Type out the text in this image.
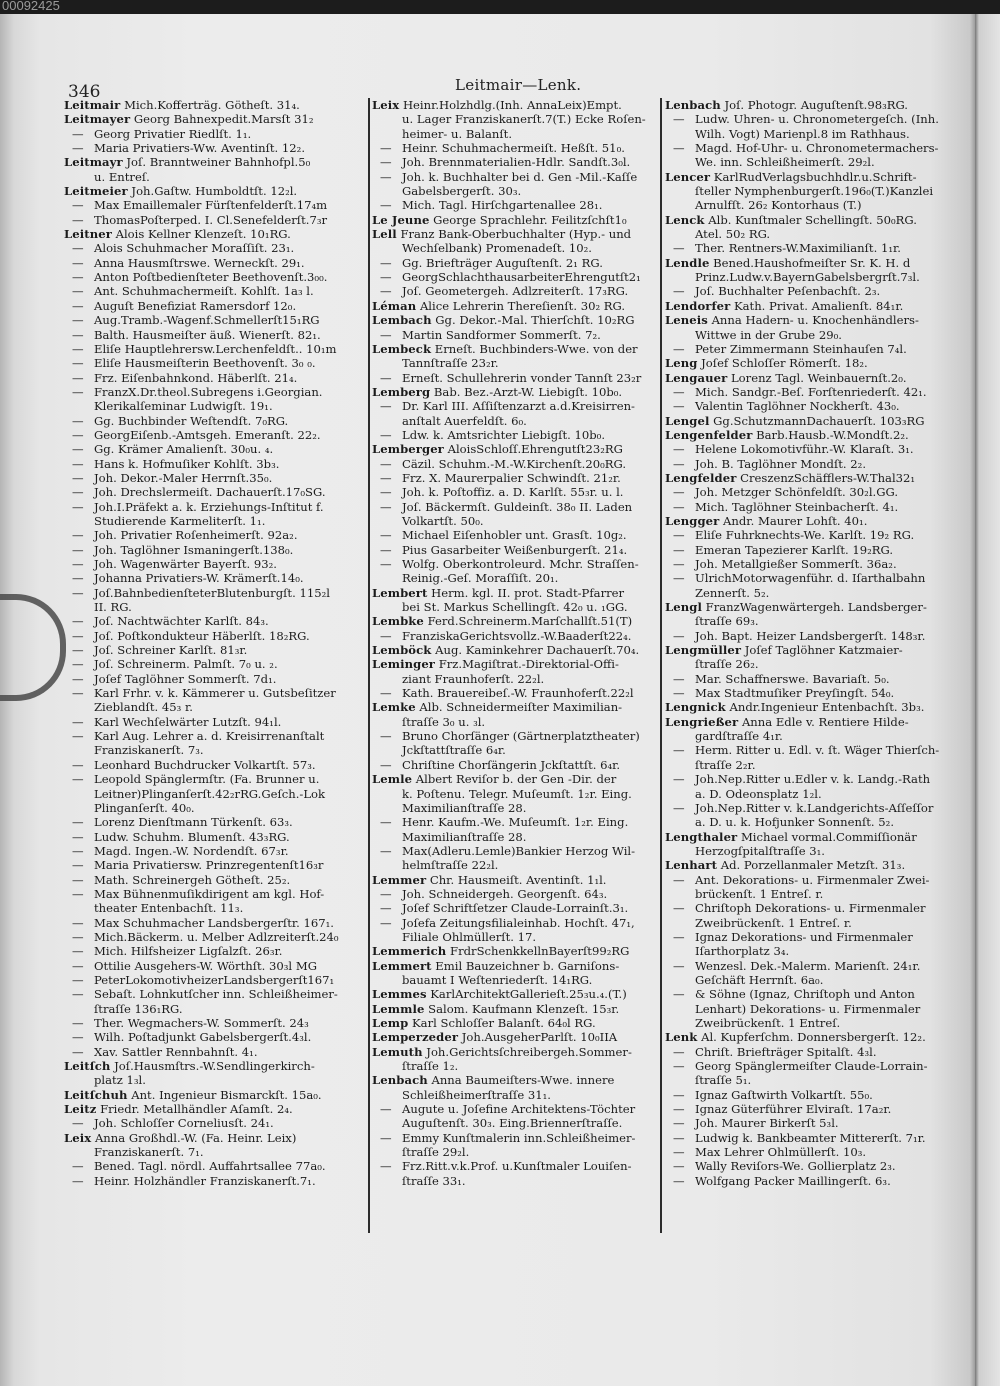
00092425
346	Leitmair—Lenk.
Leitmair Mich.Kofferträg. Götheſt. 31₄.
Leitmayer Georg Bahnexpedit.Marsſt 31₂
— Georg Privatier Riedlſt. 1₁.
— Maria Privatiers-Ww. Aventinſt. 12₂.
Leitmayr Joſ. Branntweiner Bahnhofpl.5₀
u. Entreſ.
Leitmeier Joh.Gaſtw. Humboldtſt. 12₂l.
— Max Emaillemaler Fürſtenfelderſt.17₄m
— ThomasPoſterped. I. Cl.Senefelderſt.7₃r
Leitner Alois Kellner Klenzeſt. 10₁RG.
— Alois Schuhmacher Moraſſiſt. 23₁.
— Anna Hausmſtrswe. Werneckſt. 29₁.
— Anton Poſtbedienſteter Beethovenſt.3₀₀.
— Ant. Schuhmachermeiſt. Kohlſt. 1a₃ l.
— Auguſt Benefiziat Ramersdorf 12₀.
— Aug.Tramb.-Wagenf.Schmellerſt15₁RG
— Balth. Hausmeiſter äuß. Wienerſt. 82₁.
— Eliſe Hauptlehrersw.Lerchenfeldſt.. 10₁m
— Eliſe Hausmeiſterin Beethovenſt. 3₀ ₀.
— Frz. Eiſenbahnkond. Häberlſt. 21₄.
— FranzX.Dr.theol.Subregens i.Georgian.
Klerikalſeminar Ludwigſt. 19₁.
— Gg. Buchbinder Weſtendſt. 7₀RG.
— GeorgEiſenb.-Amtsgeh. Emeranſt. 22₂.
— Gg. Krämer Amalienſt. 30₀u. ₄.
— Hans k. Hofmuſiker Kohlſt. 3b₃.
— Joh. Dekor.-Maler Herrnſt.35₀.
— Joh. Drechslermeiſt. Dachauerſt.17₀SG.
— Joh.I.Präfekt a. k. Erziehungs-Inſtitut f.
Studierende Karmeliterſt. 1₁.
— Joh. Privatier Roſenheimerſt. 92a₂.
— Joh. Taglöhner Ismaningerſt.138₀.
— Joh. Wagenwärter Bayerſt. 93₂.
— Johanna Privatiers-W. Krämerſt.14₀.
— Joſ.BahnbedienſteterBlutenburgſt. 115₂l
II. RG.
— Joſ. Nachtwächter Karlſt. 84₃.
— Joſ. Poſtkondukteur Häberlſt. 18₂RG.
— Joſ. Schreiner Karlſt. 81₃r.
— Joſ. Schreinerm. Palmſt. 7₀ u. ₂.
— Joſef Taglöhner Sommerſt. 7d₁.
— Karl Frhr. v. k. Kämmerer u. Gutsbeſitzer
Zieblandſt. 45₃ r.
— Karl Wechſelwärter Lutzſt. 94₁l.
— Karl Aug. Lehrer a. d. Kreisirrenanſtalt
Franziskanerſt. 7₃.
— Leonhard Buchdrucker Volkartſt. 57₃.
— Leopold Spänglermſtr. (Fa. Brunner u.
Leitner)Plinganſerſt.42₂rRG.Geſch.-Lok
Plinganſerſt. 40₀.
— Lorenz Dienſtmann Türkenſt. 63₃.
— Ludw. Schuhm. Blumenſt. 43₃RG.
— Magd. Ingen.-W. Nordendſt. 67₃r.
— Maria Privatiersw. Prinzregentenſt16₃r
— Math. Schreinergeh Götheſt. 25₂.
— Max Bühnenmuſikdirigent am kgl. Hof-
theater Entenbachſt. 11₃.
— Max Schuhmacher Landsbergerſtr. 167₁.
— Mich.Bäckerm. u. Melber Adlzreiterſt.24₀
— Mich. Hilfsheizer Ligſalzſt. 26₃r.
— Ottilie Ausgehers-W. Wörthſt. 30₃l MG
— PeterLokomotivheizerLandsbergerſt167₁
— Sebaſt. Lohnkutſcher inn. Schleißheimer-
ſtraſſe 136₁RG.
— Ther. Wegmachers-W. Sommerſt. 24₃
— Wilh. Poſtadjunkt Gabelsbergerſt.4₃l.
— Xav. Sattler Rennbahnſt. 4₁.
Leitſch Joſ.Hausmſtrs.-W.Sendlingerkirch-
platz 1₃l.
Leitſchuh Ant. Ingenieur Bismarckſt. 15a₀.
Leitz Friedr. Metallhändler Aſamſt. 2₄.
— Joh. Schloſſer Corneliusſt. 24₁.
Leix Anna Großhdl.-W. (Fa. Heinr. Leix)
Franziskanerſt. 7₁.
— Bened. Tagl. nördl. Auffahrtsallee 77a₀.
— Heinr. Holzhändler Franziskanerſt.7₁.
Leix Heinr.Holzhdlg.(Inh. AnnaLeix)Empt.
u. Lager Franziskanerſt.7(T.) Ecke Roſen-
heimer- u. Balanſt.
— Heinr. Schuhmachermeiſt. Heßſt. 51₀.
— Joh. Brennmaterialien-Hdlr. Sandſt.3₀l.
— Joh. k. Buchhalter bei d. Gen -Mil.-Kaſſe
Gabelsbergerſt. 30₃.
— Mich. Tagl. Hirſchgartenallee 28₁.
Le Jeune George Sprachlehr. Feilitzſchſt1₀
Lell Franz Bank-Oberbuchhalter (Hyp.- und
Wechſelbank) Promenadeſt. 10₂.
— Gg. Briefträger Auguſtenſt. 2₁ RG.
— GeorgSchlachthausarbeiterEhrengutſt2₁
— Joſ. Geometergeh. Adlzreiterſt. 17₃RG.
Léman Alice Lehrerin Thereſienſt. 30₂ RG.
Lembach Gg. Dekor.-Mal. Thierſchſt. 10₂RG
— Martin Sandformer Sommerſt. 7₂.
Lembeck Erneſt. Buchbinders-Wwe. von der
Tannſtraſſe 23₂r.
— Erneſt. Schullehrerin vonder Tannſt 23₂r
Lemberg Bab. Bez.-Arzt-W. Liebigſt. 10b₀.
— Dr. Karl III. Aſſiſtenzarzt a.d.Kreisirren-
anſtalt Auerfeldſt. 6₀.
— Ldw. k. Amtsrichter Liebigſt. 10b₀.
Lemberger AloisSchloſſ.Ehrengutſt23₂RG
— Cäzil. Schuhm.-M.-W.Kirchenſt.20₀RG.
— Frz. X. Maurerpalier Schwindſt. 21₂r.
— Joh. k. Poſtoffiz. a. D. Karlſt. 55₃r. u. l.
— Joſ. Bäckermſt. Guldeinſt. 38₀ II. Laden
Volkartſt. 50₀.
— Michael Eiſenhobler unt. Grasſt. 10g₂.
— Pius Gasarbeiter Weißenburgerſt. 21₄.
— Wolfg. Oberkontroleurd. Mchr. Straſſen-
Reinig.-Geſ. Moraſſiſt. 20₁.
Lembert Herm. kgl. II. prot. Stadt-Pfarrer
bei St. Markus Schellingſt. 42₀ u. ₁GG.
Lembke Ferd.Schreinerm.Marſchallſt.51(T)
— FranziskaGerichtsvollz.-W.Baaderſt22₄.
Lemböck Aug. Kaminkehrer Dachauerſt.70₄.
Leminger Frz.Magiſtrat.-Direktorial-Offi-
ziant Fraunhoferſt. 22₂l.
— Kath. Brauereibeſ.-W. Fraunhoferſt.22₂l
Lemke Alb. Schneidermeiſter Maximilian-
ſtraſſe 3₀ u. ₃l.
— Bruno Chorſänger (Gärtnerplatztheater)
Jckſtattſtraſſe 6₄r.
— Chriſtine Chorſängerin Jckſtattſt. 6₄r.
Lemle Albert Reviſor b. der Gen -Dir. der
k. Poſtenu. Telegr. Muſeumſt. 1₂r. Eing.
Maximilianſtraſſe 28.
— Henr. Kaufm.-We. Muſeumſt. 1₂r. Eing.
Maximilianſtraſſe 28.
— Max(Adleru.Lemle)Bankier Herzog Wil-
helmſtraſſe 22₂l.
Lemmer Chr. Hausmeiſt. Aventinſt. 1₁l.
— Joh. Schneidergeh. Georgenſt. 64₃.
— Joſef Schriftſetzer Claude-Lorrainſt.3₁.
— Joſefa Zeitungsfilialeinhab. Hochſt. 47₁,
Filiale Ohlmüllerſt. 17.
Lemmerich FrdrSchenkkellnBayerſt99₂RG
Lemmert Emil Bauzeichner b. Garniſons-
bauamt I Weſtenriederſt. 14₁RG.
Lemmes KarlArchitektGallerieſt.25₃u.₄.(T.)
Lemmle Salom. Kaufmann Klenzeſt. 15₃r.
Lemp Karl Schloſſer Balanſt. 64₀l RG.
Lemperzeder Joh.AusgeherParlſt. 10₀IIA
Lemuth Joh.Gerichtsſchreibergeh.Sommer-
ſtraſſe 1₂.
Lenbach Anna Baumeiſters-Wwe. innere
Schleißheimerſtraſſe 31₁.
— Augute u. Joſefine Architektens-Töchter
Auguſtenſt. 30₃. Eing.Briennerſtraſſe.
— Emmy Kunſtmalerin inn.Schleißheimer-
ſtraſſe 29₂l.
— Frz.Ritt.v.k.Prof. u.Kunſtmaler Louiſen-
ſtraſſe 33₁.
Lenbach Joſ. Photogr. Auguſtenſt.98₃RG.
— Ludw. Uhren- u. Chronometergeſch. (Inh.
Wilh. Vogt) Marienpl.8 im Rathhaus.
— Magd. Hof-Uhr- u. Chronometermachers-
We. inn. Schleißheimerſt. 29₂l.
Lencer KarlRudVerlagsbuchhdlr.u.Schrift-
ſteller Nymphenburgerſt.196₀(T.)Kanzlei
Arnulfſt. 26₂ Kontorhaus (T.)
Lenck Alb. Kunſtmaler Schellingſt. 50₀RG.
Atel. 50₂ RG.
— Ther. Rentners-W.Maximilianſt. 1₁r.
Lendle Bened.Haushofmeiſter Sr. K. H. d
Prinz.Ludw.v.BayernGabelsbergrſt.7₃l.
— Joſ. Buchhalter Peſenbachſt. 2₃.
Lendorfer Kath. Privat. Amalienſt. 84₁r.
Leneis Anna Hadern- u. Knochenhändlers-
Wittwe in der Grube 29₀.
— Peter Zimmermann Steinhauſen 7₄l.
Leng Joſef Schloſſer Römerſt. 18₂.
Lengauer Lorenz Tagl. Weinbauernſt.2₀.
— Mich. Sandgr.-Beſ. Forſtenriederſt. 42₁.
— Valentin Taglöhner Nockherſt. 43₀.
Lengel Gg.SchutzmannDachauerſt. 103₃RG
Lengenfelder Barb.Hausb.-W.Mondſt.2₂.
— Helene Lokomotivführ.-W. Klaraſt. 3₁.
— Joh. B. Taglöhner Mondſt. 2₂.
Lengfelder CreszenzSchäfflers-W.Thal32₁
— Joh. Metzger Schönfeldſt. 30₂l.GG.
— Mich. Taglöhner Steinbacherſt. 4₁.
Lengger Andr. Maurer Lohſt. 40₁.
— Eliſe Fuhrknechts-We. Karlſt. 19₂ RG.
— Emeran Tapezierer Karlſt. 19₂RG.
— Joh. Metallgießer Sommerſt. 36a₂.
— UlrichMotorwagenführ. d. Iſarthalbahn
Zennerſt. 5₂.
Lengl FranzWagenwärtergeh. Landsberger-
ſtraſſe 69₃.
— Joh. Bapt. Heizer Landsbergerſt. 148₃r.
Lengmüller Joſef Taglöhner Katzmaier-
ſtraſſe 26₂.
— Mar. Schaffnerswe. Bavariaſt. 5₀.
— Max Stadtmuſiker Preyſingſt. 54₀.
Lengnick Andr.Ingenieur Entenbachſt. 3b₃.
Lengrießer Anna Edle v. Rentiere Hilde-
gardſtraſſe 4₁r.
— Herm. Ritter u. Edl. v. ſt. Wäger Thierſch-
ſtraſſe 2₂r.
— Joh.Nep.Ritter u.Edler v. k. Landg.-Rath
a. D. Odeonsplatz 1₂l.
— Joh.Nep.Ritter v. k.Landgerichts-Aſſeſſor
a. D. u. k. Hofjunker Sonnenſt. 5₂.
Lengthaler Michael vormal.Commiſſionär
Herzogſpitalſtraſſe 3₁.
Lenhart Ad. Porzellanmaler Metzſt. 31₃.
— Ant. Dekorations- u. Firmenmaler Zwei-
brückenſt. 1 Entreſ. r.
— Chriſtoph Dekorations- u. Firmenmaler
Zweibrückenſt. 1 Entreſ. r.
— Ignaz Dekorations- und Firmenmaler
Iſarthorplatz 3₄.
— Wenzesl. Dek.-Malerm. Marienſt. 24₁r.
Geſchäft Herrnſt. 6a₀.
— & Söhne (Ignaz, Chriſtoph und Anton
Lenhart) Dekorations- u. Firmenmaler
Zweibrückenſt. 1 Entreſ.
Lenk Al. Kupferſchm. Donnersbergerſt. 12₂.
— Chriſt. Briefträger Spitalſt. 4₃l.
— Georg Spänglermeiſter Claude-Lorrain-
ſtraſſe 5₁.
— Ignaz Gaſtwirth Volkartſt. 55₀.
— Ignaz Güterführer Elviraſt. 17a₂r.
— Joh. Maurer Birkerſt 5₃l.
— Ludwig k. Bankbeamter Mittererſt. 7₁r.
— Max Lehrer Ohlmüllerſt. 10₃.
— Wally Reviſors-We. Gollierplatz 2₃.
— Wolfgang Packer Maillingerſt. 6₃.
